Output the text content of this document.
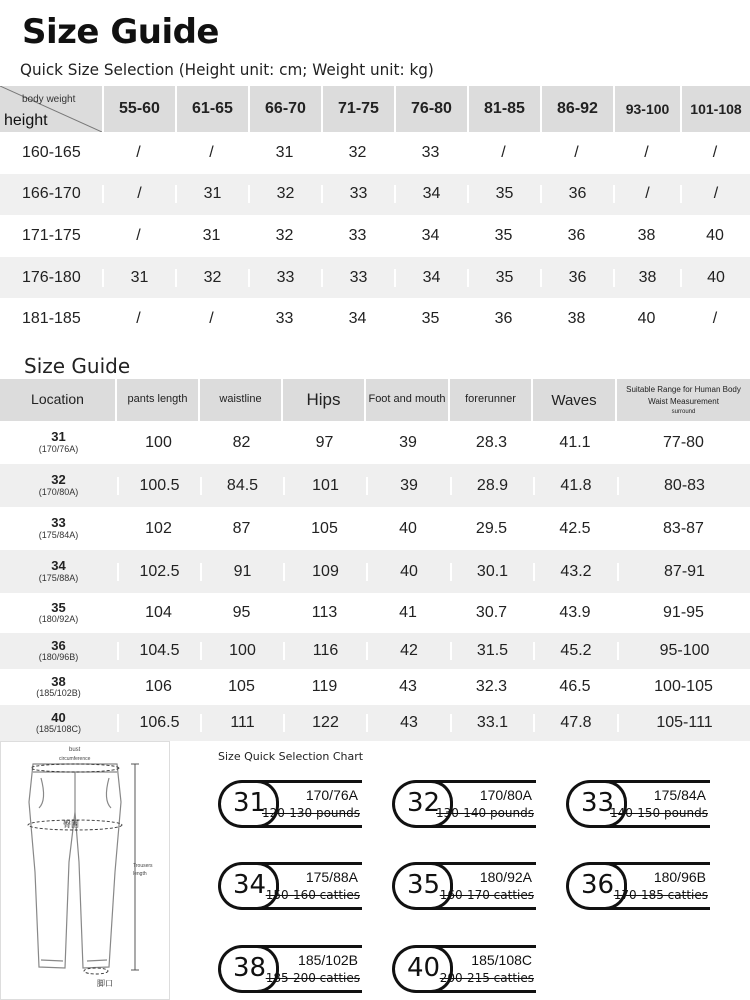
Size Guide
Quick Size Selection (Height unit: cm; Weight unit: kg)
body weight
height
55-60	61-65	66-70	71-75	76-80	81-85	86-92	93-100	101-108
160-165	/	/	31	32	33	/	/	/	/
166-170	/	31	32	33	34	35	36	/	/
171-175	/	31	32	33	34	35	36	38	40
176-180	31	32	33	33	34	35	36	38	40
181-185	/	/	33	34	35	36	38	40	/
Size Guide
Location	pants length	waistline	Hips	Foot and mouth	forerunner	Waves
Suitable Range for Human Body Waist Measurement
surround
31
(170/76A)	100	82	97	39	28.3	41.1	77-80
32
(170/80A)	100.5	84.5	101	39	28.9	41.8	80-83
33
(175/84A)	102	87	105	40	29.5	42.5	83-87
34
(175/88A)	102.5	91	109	40	30.1	43.2	87-91
35
(180/92A)	104	95	113	41	30.7	43.9	91-95
36
(180/96B)	104.5	100	116	42	31.5	45.2	95-100
38
(185/102B)	106	105	119	43	32.3	46.5	100-105
40
(185/108C)	106.5	111	122	43	33.1	47.8	105-111
bust
circumference
臀围
Trousers length
脚口
Size Quick Selection Chart
31	170/76A
120-130 pounds 32	170/80A
130-140 pounds 33	175/84A
140-150 pounds
34	175/88A
150-160 catties 35	180/92A
160-170 catties 36	180/96B
170-185 catties
38 185/102B
185-200 catties 40 185/108C
200-215 catties
